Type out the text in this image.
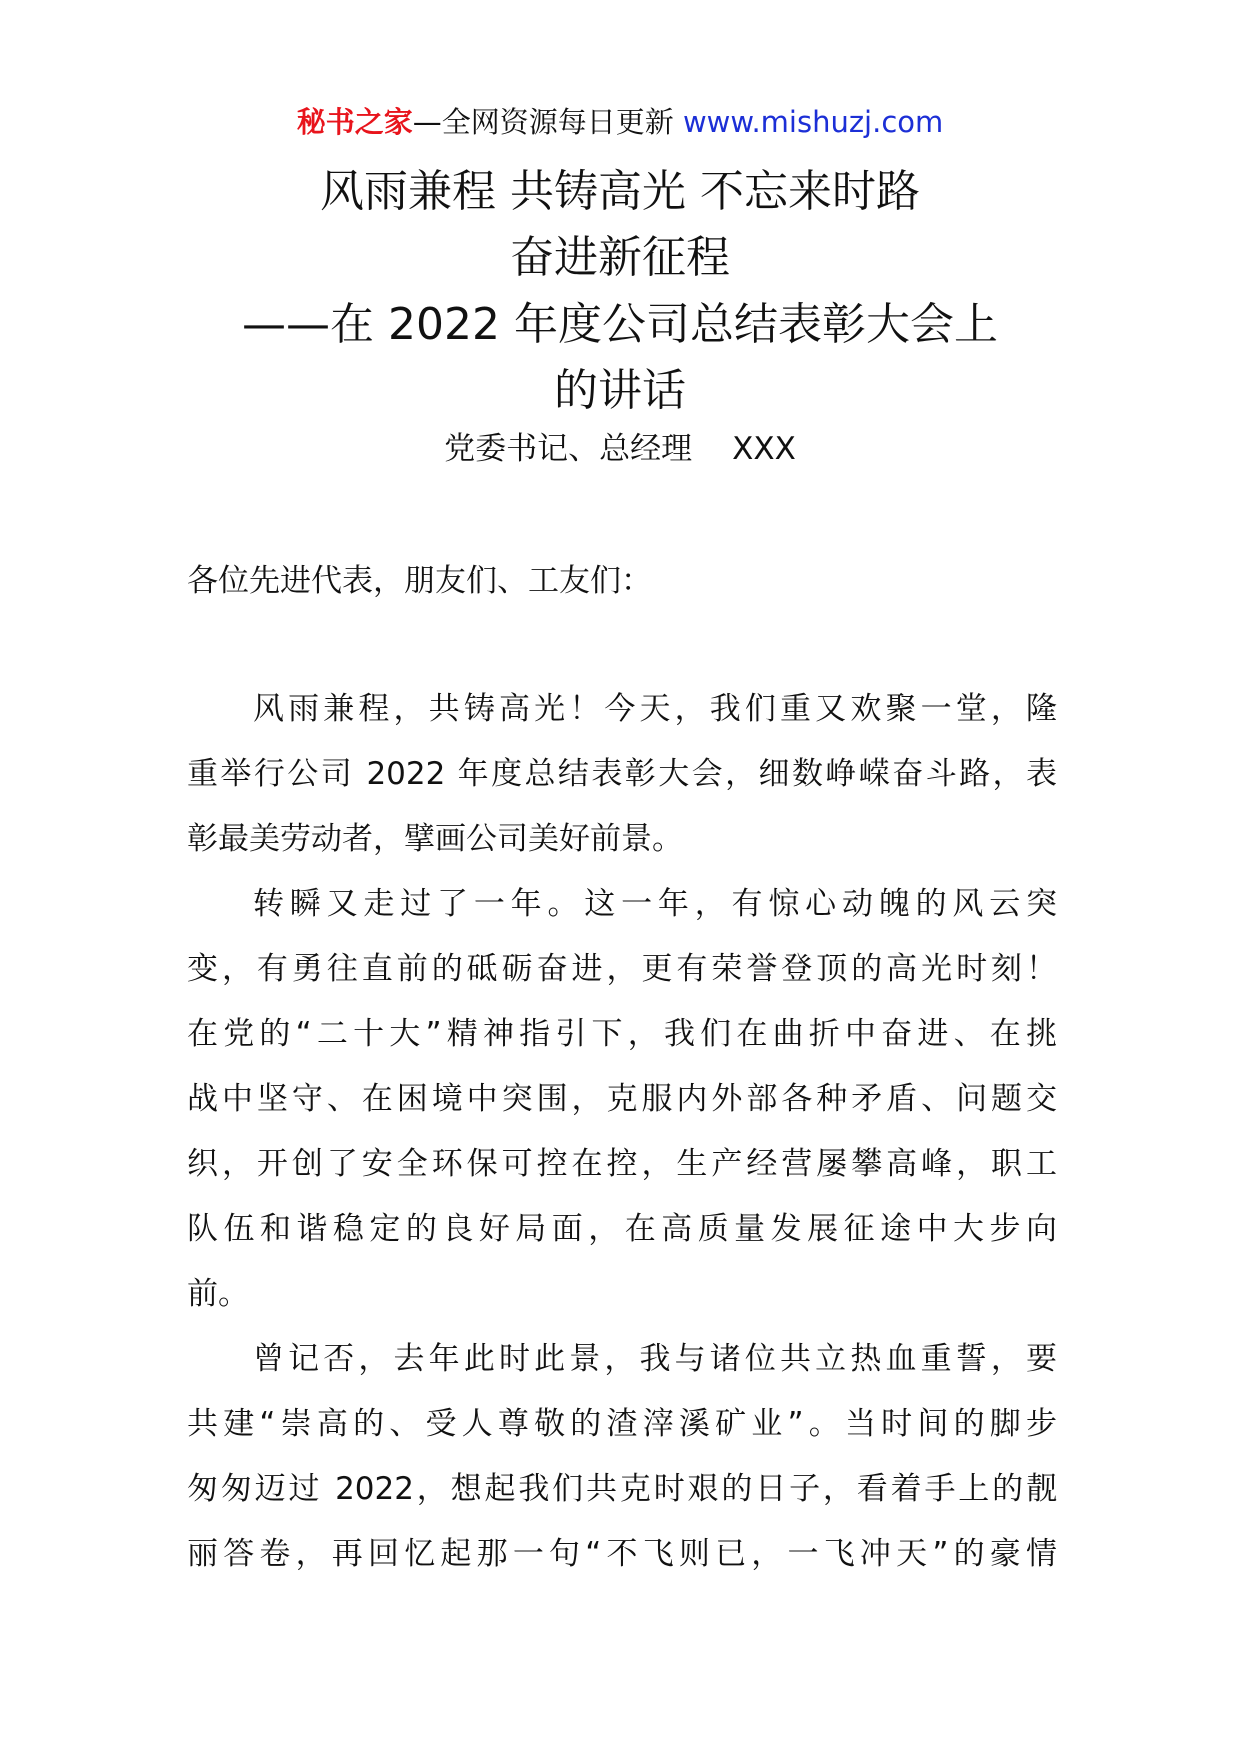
秘书之家—全网资源每日更新 www.mishuzj.com
风雨兼程 共铸高光 不忘来时路
奋进新征程
——在 2022 年度公司总结表彰大会上
的讲话
党委书记、总经理 XXX
各位先进代表，朋友们、工友们：
风雨兼程，共铸高光！今天，我们重又欢聚一堂，隆
重举行公司 2022 年度总结表彰大会，细数峥嵘奋斗路，表
彰最美劳动者，擘画公司美好前景。
转瞬又走过了一年。这一年，有惊心动魄的风云突
变，有勇往直前的砥砺奋进，更有荣誉登顶的高光时刻！
在党的“二十大”精神指引下，我们在曲折中奋进、在挑
战中坚守、在困境中突围，克服内外部各种矛盾、问题交
织，开创了安全环保可控在控，生产经营屡攀高峰，职工
队伍和谐稳定的良好局面，在高质量发展征途中大步向
前。
曾记否，去年此时此景，我与诸位共立热血重誓，要
共建“崇高的、受人尊敬的渣滓溪矿业”。当时间的脚步
匆匆迈过 2022，想起我们共克时艰的日子，看着手上的靓
丽答卷，再回忆起那一句“不飞则已，一飞冲天”的豪情
